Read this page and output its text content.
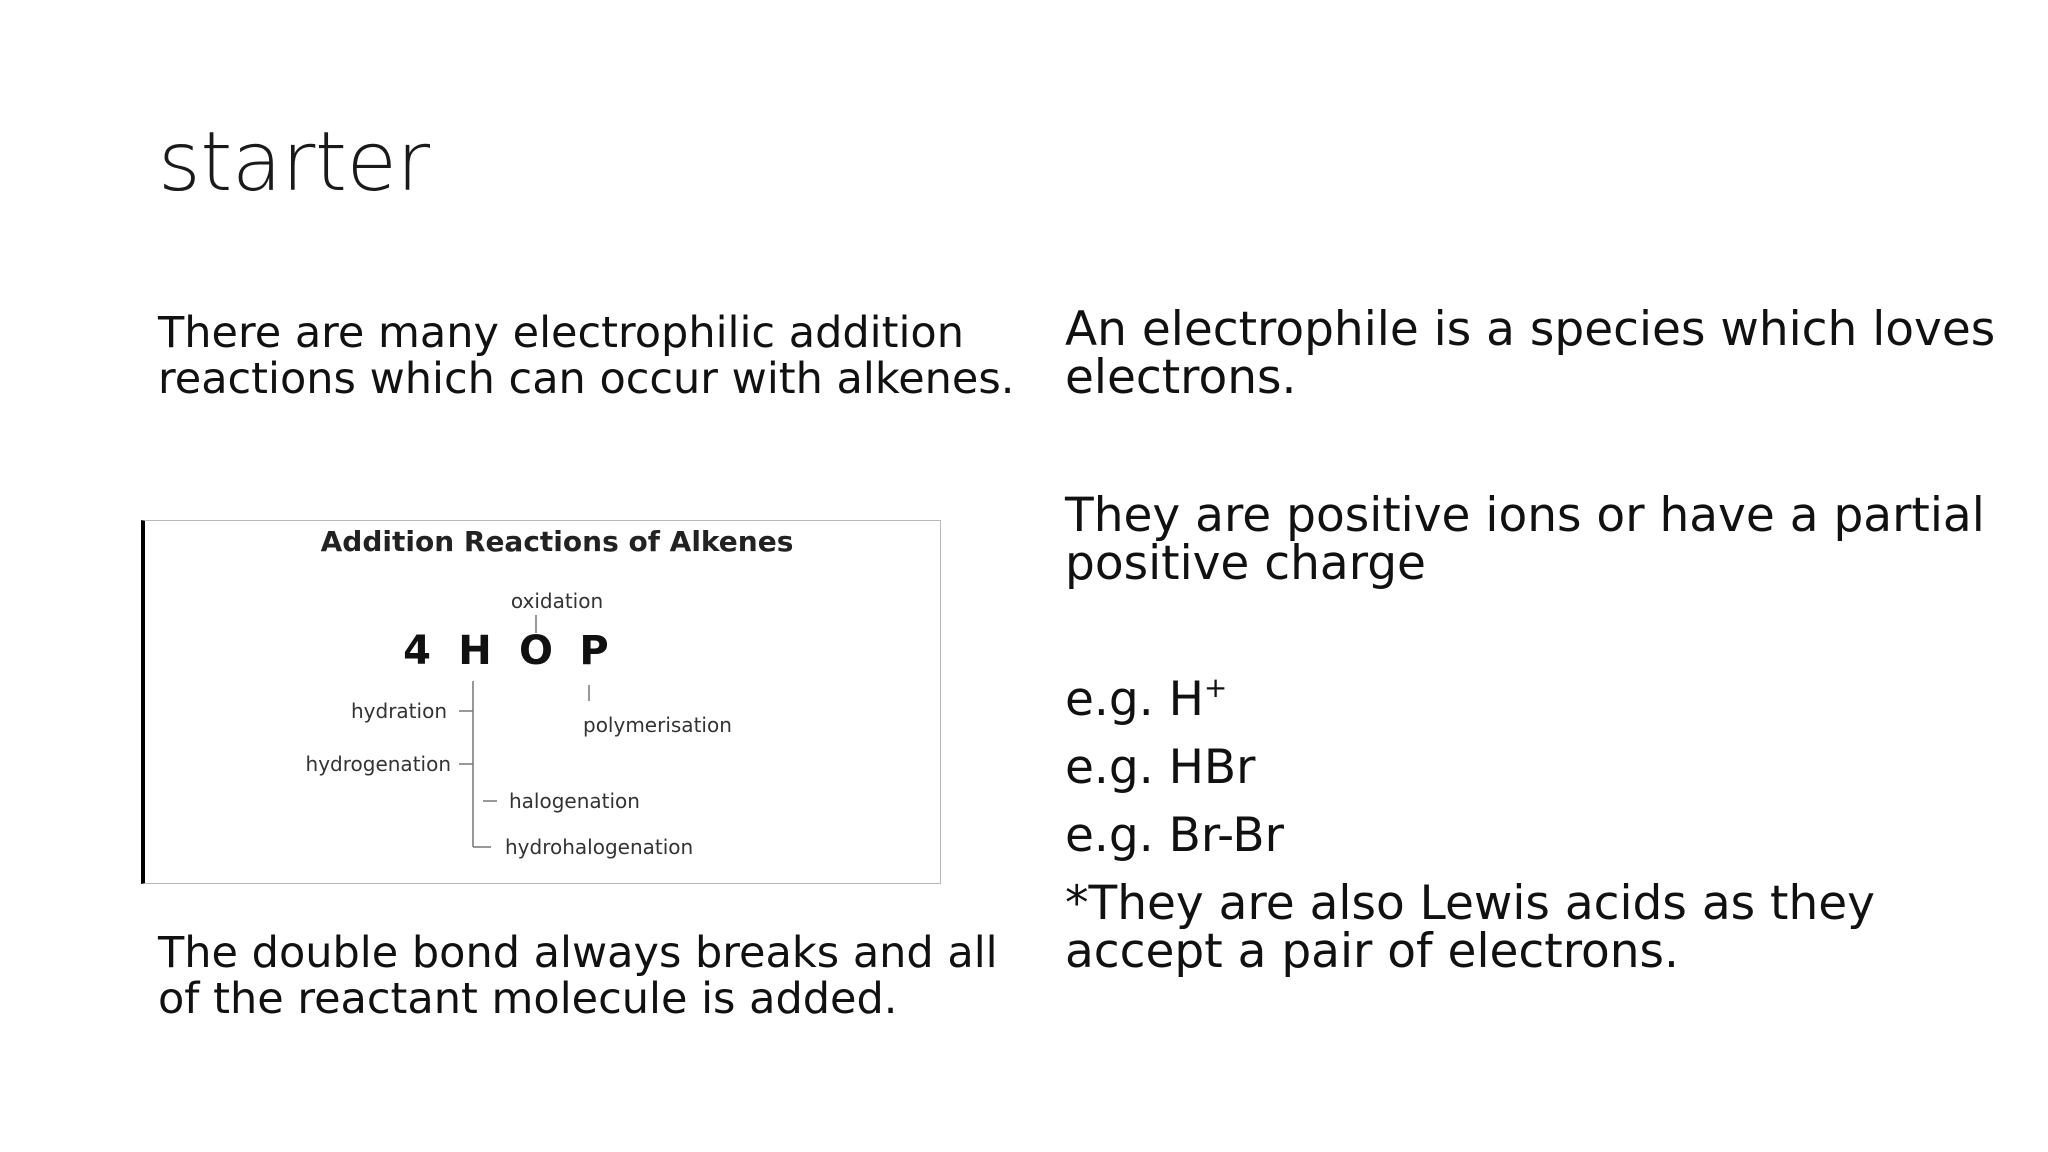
starter

There are many electrophilic addition reactions which can occur with alkenes.

Addition Reactions of Alkenes
oxidation
4 H O P
polymerisation
hydration
hydrogenation
halogenation
hydrohalogenation

The double bond always breaks and all of the reactant molecule is added.

An electrophile is a species which loves electrons.

They are positive ions or have a partial positive charge

e.g. H+

e.g. HBr

e.g. Br-Br

*They are also Lewis acids as they accept a pair of electrons.
